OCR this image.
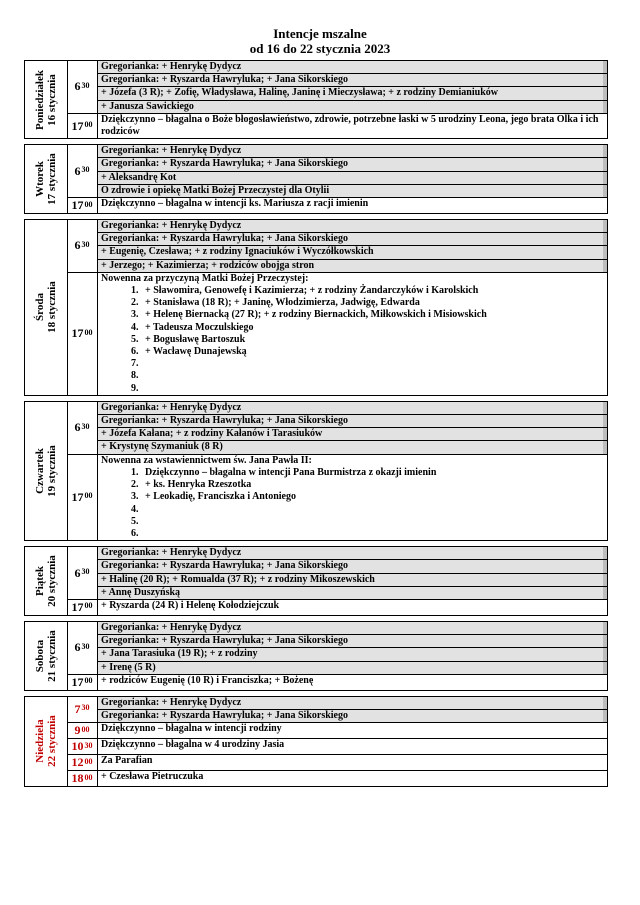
Intencje mszalne
od 16 do 22 stycznia 2023
Poniedziałek 16 stycznia $6^{30}$
Gregorianka: + Henrykę Dydycz
Gregorianka: + Ryszarda Hawryluka; + Jana Sikorskiego
+ Józefa (3 R); + Zofię, Władysława, Halinę, Janinę i Mieczysława; + z rodziny Demianiuków
+ Janusza Sawickiego
$17^{00}$ Dziękczynno – błagalna o Boże błogosławieństwo, zdrowie, potrzebne łaski w 5 urodziny Leona, jego brata Olka i ich rodziców
Wtorek 17 stycznia $6^{30}$
Gregorianka: + Henrykę Dydycz
Gregorianka: + Ryszarda Hawryluka; + Jana Sikorskiego
+ Aleksandrę Kot
O zdrowie i opiekę Matki Bożej Przeczystej dla Otylii
$17^{00}$ Dziękczynno – błagalna w intencji ks. Mariusza z racji imienin
Środa 18 stycznia
$6^{30}$
Gregorianka: + Henrykę Dydycz
Gregorianka: + Ryszarda Hawryluka; + Jana Sikorskiego
+ Eugenię, Czesława; + z rodziny Ignaciuków i Wyczółkowskich
+ Jerzego; + Kazimierza; + rodziców obojga stron
$17^{00}$
Nowenna za przyczyną Matki Bożej Przeczystej:
1. + Sławomira, Genowefę i Kazimierza; + z rodziny Żandarczyków i Karolskich
2. + Stanisława (18 R); + Janinę, Włodzimierza, Jadwigę, Edwarda
3. + Helenę Biernacką (27 R); + z rodziny Biernackich, Miłkowskich i Misiowskich
4. + Tadeusza Moczulskiego
5. + Bogusławę Bartoszuk
6. + Wacławę Dunajewską
7.
8.
9.
Czwartek 19 stycznia
$6^{30}$
Gregorianka: + Henrykę Dydycz
Gregorianka: + Ryszarda Hawryluka; + Jana Sikorskiego
+ Józefa Kałana; + z rodziny Kałanów i Tarasiuków
+ Krystynę Szymaniuk (8 R)
$17^{00}$
Nowenna za wstawiennictwem św. Jana Pawła II:
1. Dziękczynno – błagalna w intencji Pana Burmistrza z okazji imienin
2. + ks. Henryka Rzeszotka
3. + Leokadię, Franciszka i Antoniego
4.
5.
6.
Piątek 20 stycznia $6^{30}$
Gregorianka: + Henrykę Dydycz
Gregorianka: + Ryszarda Hawryluka; + Jana Sikorskiego
+ Halinę (20 R); + Romualda (37 R); + z rodziny Mikoszewskich
+ Annę Duszyńską
$17^{00}$ + Ryszarda (24 R) i Helenę Kołodziejczuk
Sobota 21 stycznia $6^{30}$
Gregorianka: + Henrykę Dydycz
Gregorianka: + Ryszarda Hawryluka; + Jana Sikorskiego
+ Jana Tarasiuka (19 R); + z rodziny
+ Irenę (5 R)
$17^{00}$ + rodziców Eugenię (10 R) i Franciszka; + Bożenę
Niedziela 22 stycznia
$7^{30}$
Gregorianka: + Henrykę Dydycz
Gregorianka: + Ryszarda Hawryluka; + Jana Sikorskiego
$9^{00}$	Dziękczynno – błagalna w intencji rodziny
$10^{30}$ Dziękczynno – błagalna w 4 urodziny Jasia
$12^{00}$ Za Parafian
$18^{00}$ + Czesława Pietruczuka
